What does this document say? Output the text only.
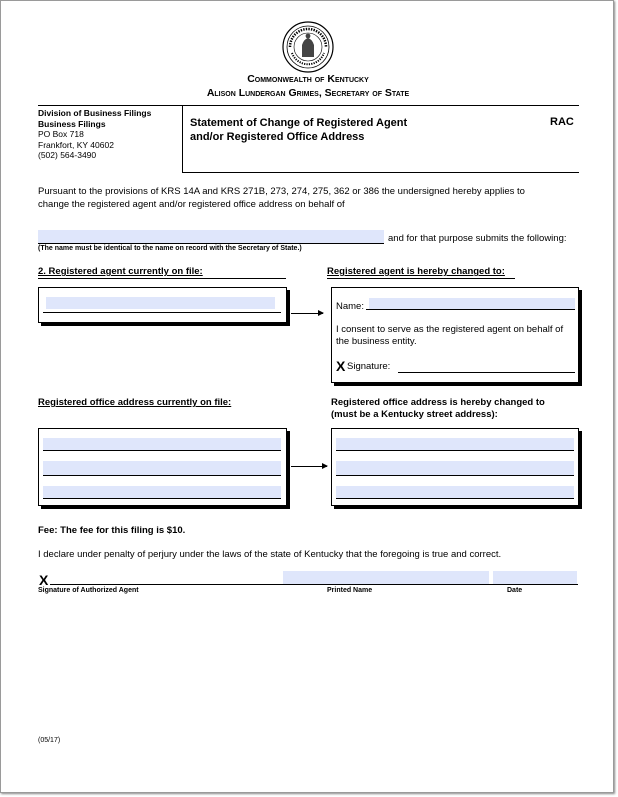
Commonwealth of Kentucky
Alison Lundergan Grimes, Secretary of State
Division of Business Filings
Business Filings
PO Box 718
Frankfort, KY 40602
(502) 564-3490
Statement of Change of Registered Agent
and/or Registered Office Address
RAC
Pursuant to the provisions of KRS 14A and KRS 271B, 273, 274, 275, 362 or 386 the undersigned hereby applies to
change the registered agent and/or registered office address on behalf of
and for that purpose submits the following:
(The name must be identical to the name on record with the Secretary of State.)
2. Registered agent currently on file:	Registered agent is hereby changed to:
Name:
I consent to serve as the registered agent on behalf of
the business entity.
X Signature:
Registered office address currently on file:	Registered office address is hereby changed to
(must be a Kentucky street address):
Fee: The fee for this filing is $10.
I declare under penalty of perjury under the laws of the state of Kentucky that the foregoing is true and correct.
X
Signature of Authorized Agent	Printed Name	Date
(05/17)
